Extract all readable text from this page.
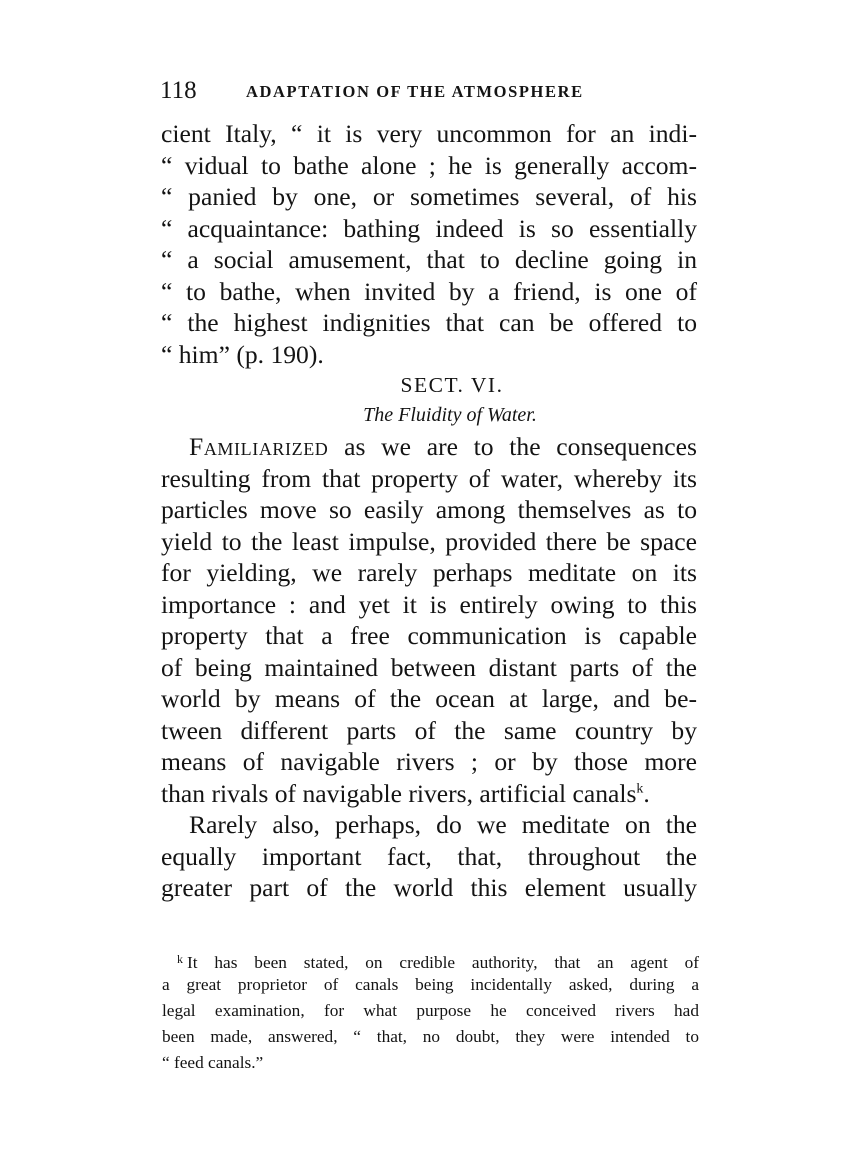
118	ADAPTATION OF THE ATMOSPHERE
cient Italy, “ it is very uncommon for an indi-
“ vidual to bathe alone ; he is generally accom-
“ panied by one, or sometimes several, of his
“ acquaintance: bathing indeed is so essentially
“ a social amusement, that to decline going in
“ to bathe, when invited by a friend, is one of
“ the highest indignities that can be offered to
“ him” (p. 190).
SECT. VI.
The Fluidity of Water.
Familiarized as we are to the consequences
resulting from that property of water, whereby its
particles move so easily among themselves as to
yield to the least impulse, provided there be space
for yielding, we rarely perhaps meditate on its
importance : and yet it is entirely owing to this
property that a free communication is capable
of being maintained between distant parts of the
world by means of the ocean at large, and be-
tween different parts of the same country by
means of navigable rivers ; or by those more
than rivals of navigable rivers, artificial canals$^k$.
Rarely also, perhaps, do we meditate on the
equally important fact, that, throughout the
greater part of the world this element usually
$^k$ It has been stated, on credible authority, that an agent of
a great proprietor of canals being incidentally asked, during a
legal examination, for what purpose he conceived rivers had
been made, answered, “ that, no doubt, they were intended to
“ feed canals.”
